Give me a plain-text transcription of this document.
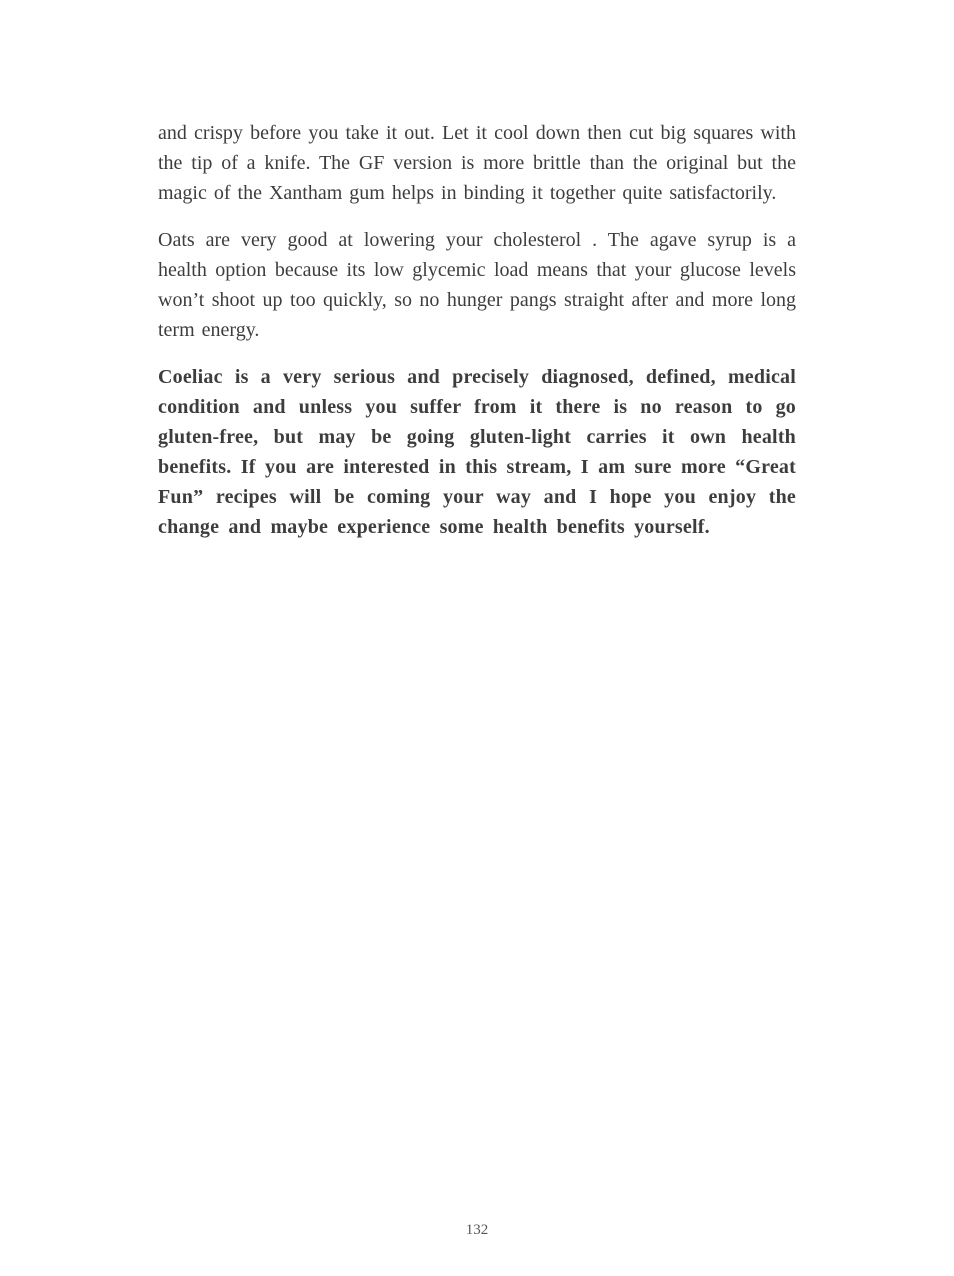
and crispy before you take it out. Let it cool down then cut big squares with the tip of a knife. The GF version is more brittle than the original but the magic of the Xantham gum helps in binding it together quite satisfactorily.

Oats are very good at lowering your cholesterol . The agave syrup is a health option because its low glycemic load means that your glucose levels won’t shoot up too quickly, so no hunger pangs straight after and more long term energy.

Coeliac is a very serious and precisely diagnosed, defined, medical condition and unless you suffer from it there is no reason to go gluten-free, but may be going gluten-light carries it own health benefits. If you are interested in this stream, I am sure more “Great Fun” recipes will be coming your way and I hope you enjoy the change and maybe experience some health benefits yourself.

132
